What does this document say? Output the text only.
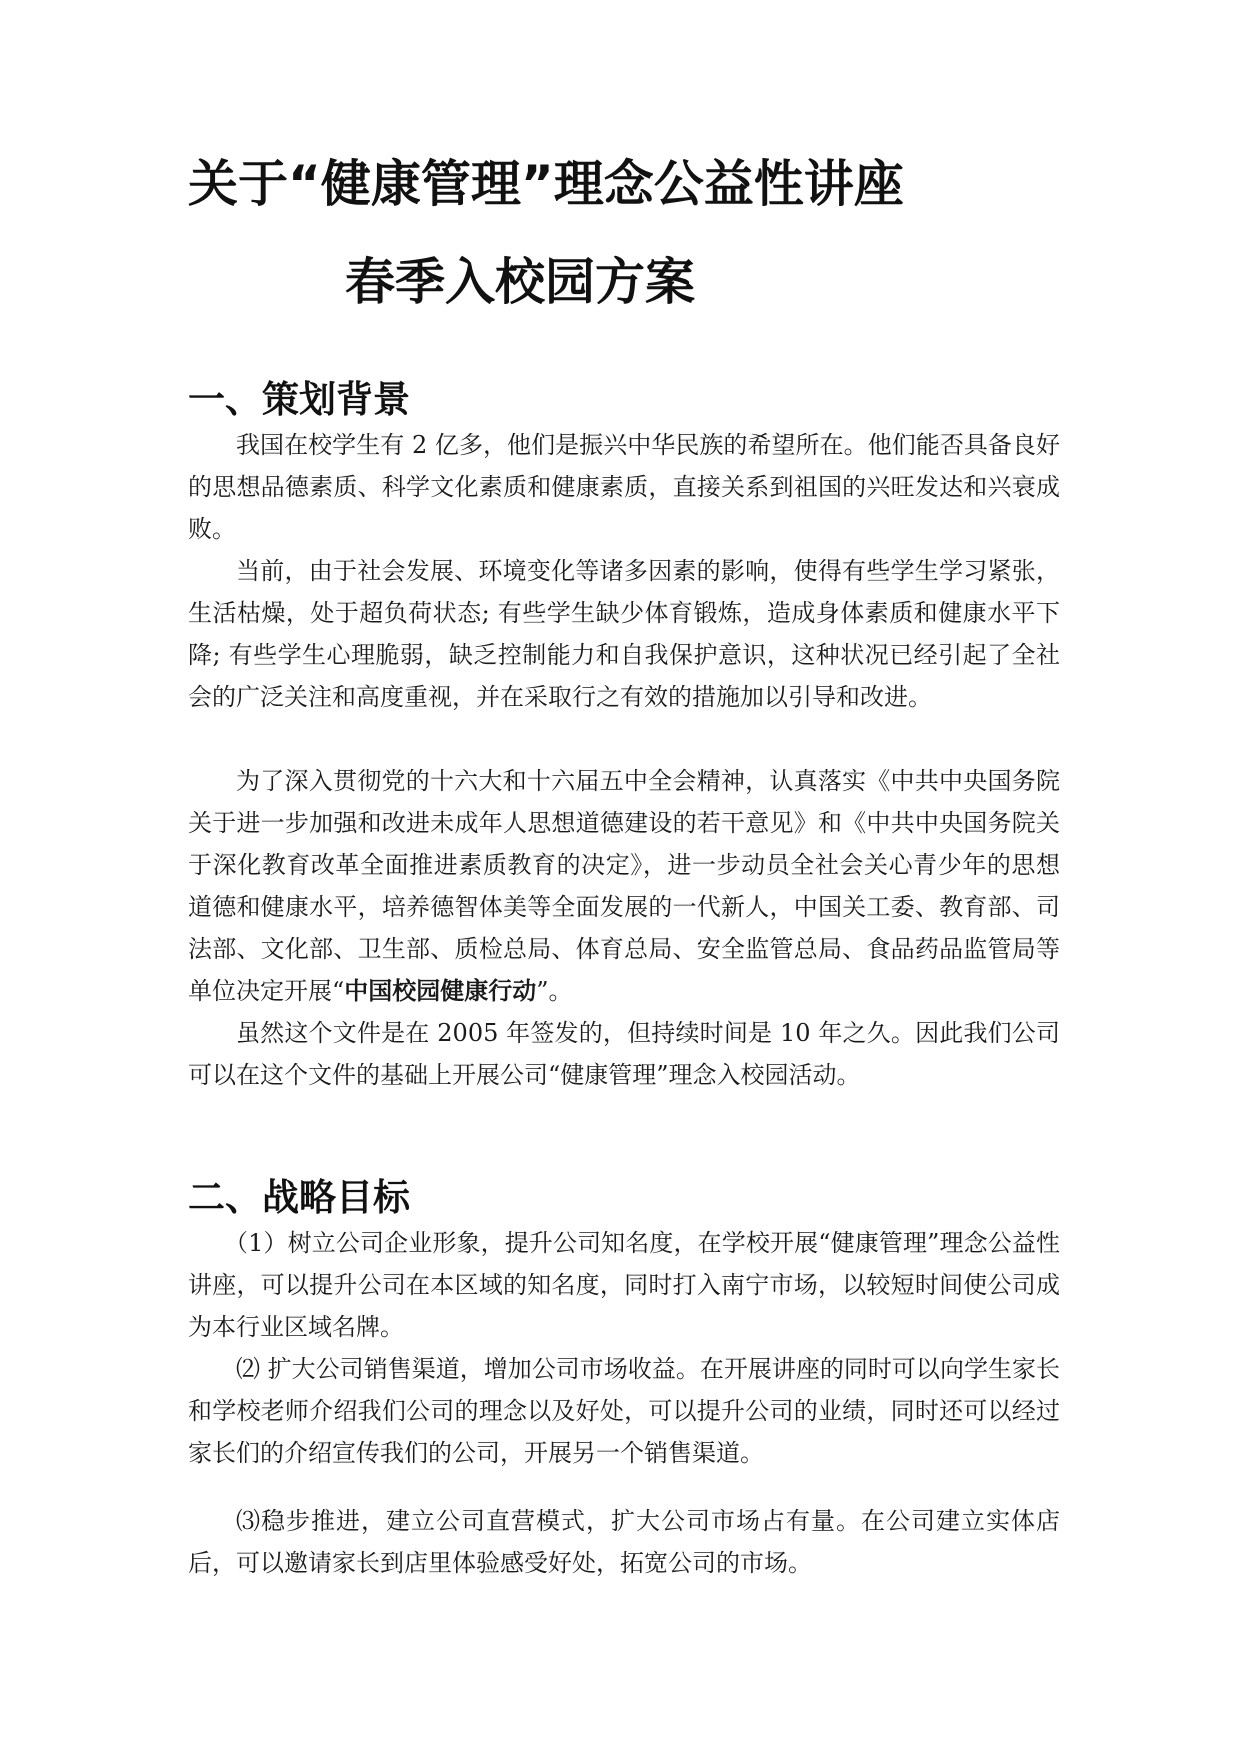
关于“健康管理”理念公益性讲座
春季入校园方案
一、策划背景
我国在校学生有 2 亿多，他们是振兴中华民族的希望所在。他们能否具备良好的思想品德素质、科学文化素质和健康素质，直接关系到祖国的兴旺发达和兴衰成败。
当前，由于社会发展、环境变化等诸多因素的影响，使得有些学生学习紧张，生活枯燥，处于超负荷状态; 有些学生缺少体育锻炼，造成身体素质和健康水平下降; 有些学生心理脆弱，缺乏控制能力和自我保护意识，这种状况已经引起了全社会的广泛关注和高度重视，并在采取行之有效的措施加以引导和改进。
为了深入贯彻党的十六大和十六届五中全会精神，认真落实《中共中央国务院关于进一步加强和改进未成年人思想道德建设的若干意见》和《中共中央国务院关于深化教育改革全面推进素质教育的决定》，进一步动员全社会关心青少年的思想道德和健康水平，培养德智体美等全面发展的一代新人，中国关工委、教育部、司法部、文化部、卫生部、质检总局、体育总局、安全监管总局、食品药品监管局等单位决定开展“中国校园健康行动”。
虽然这个文件是在 2005 年签发的，但持续时间是 10 年之久。因此我们公司可以在这个文件的基础上开展公司“健康管理”理念入校园活动。
二、战略目标
（1）树立公司企业形象，提升公司知名度，在学校开展“健康管理”理念公益性讲座，可以提升公司在本区域的知名度，同时打入南宁市场，以较短时间使公司成为本行业区域名牌。
⑵ 扩大公司销售渠道，增加公司市场收益。在开展讲座的同时可以向学生家长和学校老师介绍我们公司的理念以及好处，可以提升公司的业绩，同时还可以经过家长们的介绍宣传我们的公司，开展另一个销售渠道。
⑶稳步推进，建立公司直营模式，扩大公司市场占有量。在公司建立实体店后，可以邀请家长到店里体验感受好处，拓宽公司的市场。
